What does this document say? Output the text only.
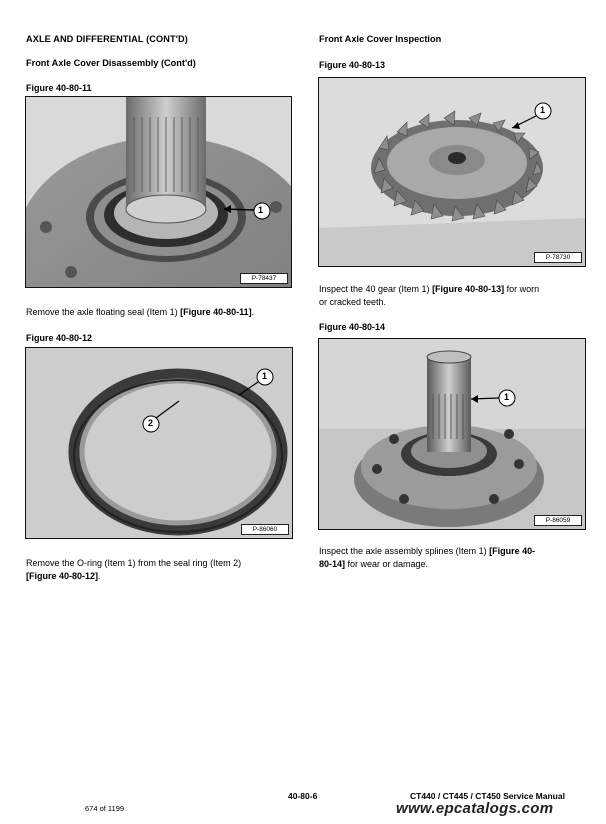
AXLE AND DIFFERENTIAL (CONT'D)
Front Axle Cover Disassembly (Cont'd)
Figure 40-80-11
1
P-78437
Remove the axle floating seal (Item 1) [Figure 40-80-11].
Figure 40-80-12
1
2
P-86060
Remove the O-ring (Item 1) from the seal ring (Item 2)
[Figure 40-80-12].
Front Axle Cover Inspection
Figure 40-80-13
1
P-78730
Inspect the 40 gear (Item 1) [Figure 40-80-13] for worn
or cracked teeth.
Figure 40-80-14
1
P-86059
Inspect the axle assembly splines (Item 1) [Figure 40-
80-14] for wear or damage.
40-80-6	CT440 / CT445 / CT450 Service Manual
674 of 1199	www.epcatalogs.com
